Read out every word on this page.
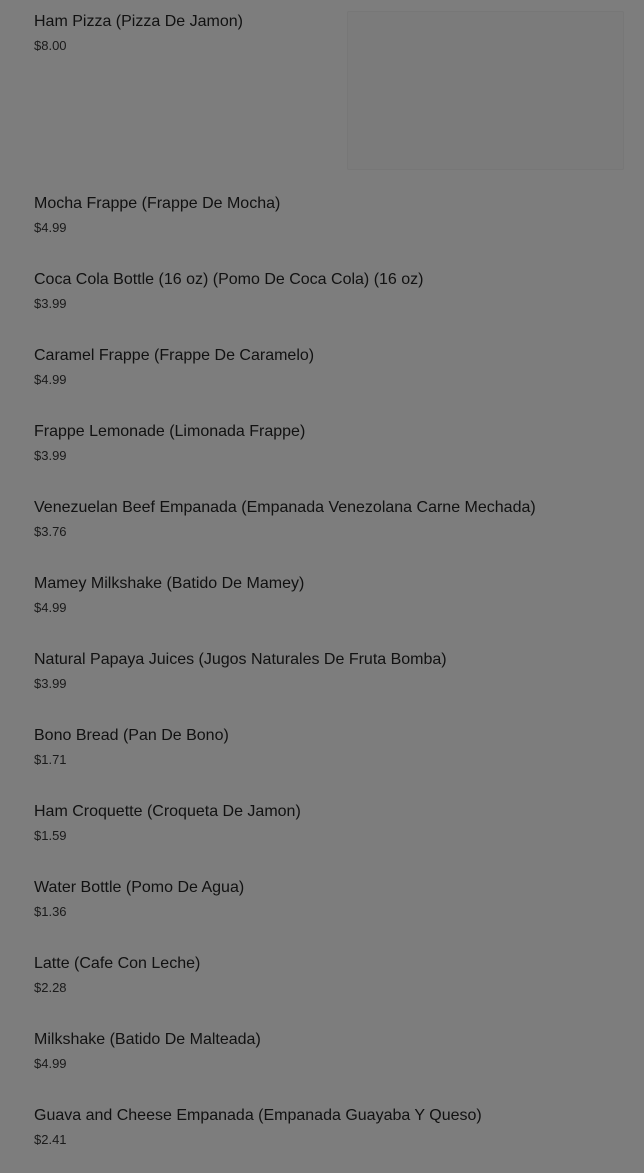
Ham Pizza (Pizza De Jamon)
$8.00
Mocha Frappe (Frappe De Mocha)
$4.99
Coca Cola Bottle (16 oz) (Pomo De Coca Cola) (16 oz)
$3.99
Caramel Frappe (Frappe De Caramelo)
$4.99
Frappe Lemonade (Limonada Frappe)
$3.99
Venezuelan Beef Empanada (Empanada Venezolana Carne Mechada)
$3.76
Mamey Milkshake (Batido De Mamey)
$4.99
Natural Papaya Juices (Jugos Naturales De Fruta Bomba)
$3.99
Bono Bread (Pan De Bono)
$1.71
Ham Croquette (Croqueta De Jamon)
$1.59
Water Bottle (Pomo De Agua)
$1.36
Latte (Cafe Con Leche)
$2.28
Milkshake (Batido De Malteada)
$4.99
Guava and Cheese Empanada (Empanada Guayaba Y Queso)
$2.41
